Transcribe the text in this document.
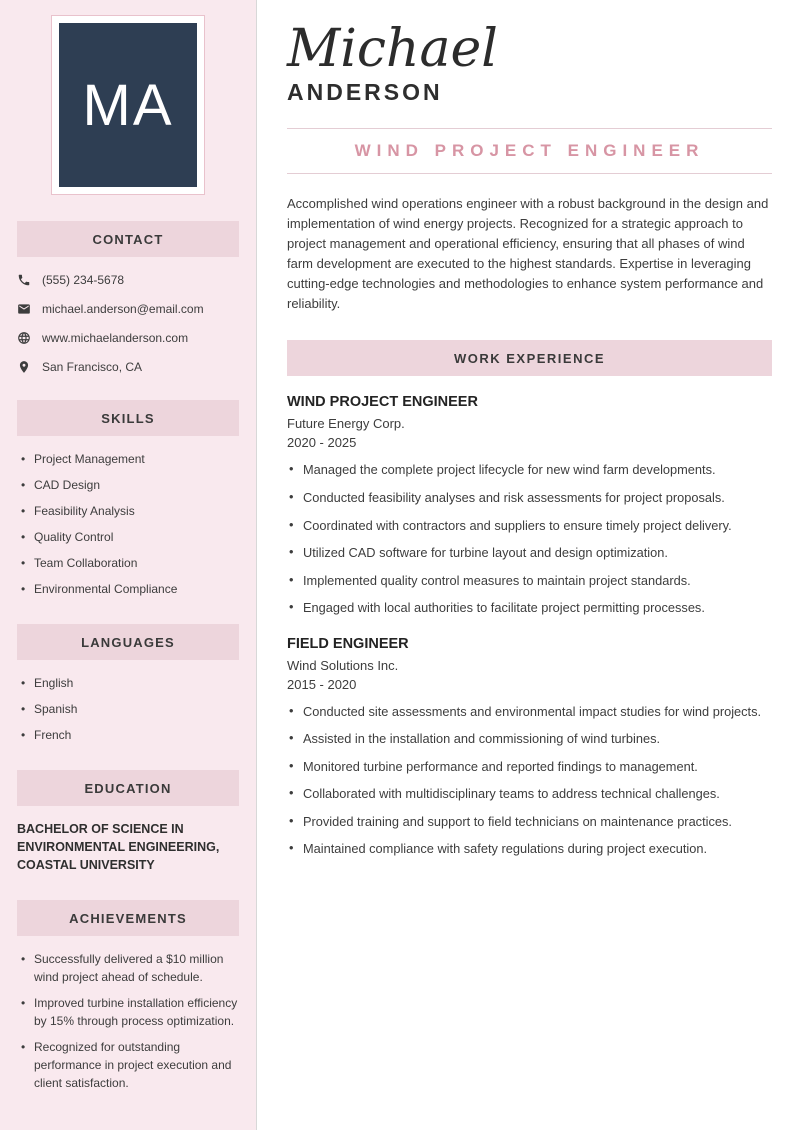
MA
CONTACT
(555) 234-5678
michael.anderson@email.com
www.michaelanderson.com
San Francisco, CA
SKILLS
• Project Management
• CAD Design
• Feasibility Analysis
• Quality Control
• Team Collaboration
• Environmental Compliance
LANGUAGES
• English
• Spanish
• French
EDUCATION
BACHELOR OF SCIENCE IN ENVIRONMENTAL ENGINEERING, COASTAL UNIVERSITY
ACHIEVEMENTS
• Successfully delivered a $10 million wind project ahead of schedule.
• Improved turbine installation efficiency by 15% through process optimization.
• Recognized for outstanding performance in project execution and client satisfaction.
Michael
ANDERSON
WIND PROJECT ENGINEER

Accomplished wind operations engineer with a robust background in the design and implementation of wind energy projects. Recognized for a strategic approach to project management and operational efficiency, ensuring that all phases of wind farm development are executed to the highest standards. Expertise in leveraging cutting-edge technologies and methodologies to enhance system performance and reliability.

WORK EXPERIENCE
WIND PROJECT ENGINEER
Future Energy Corp.
2020 - 2025
• Managed the complete project lifecycle for new wind farm developments.
• Conducted feasibility analyses and risk assessments for project proposals.
• Coordinated with contractors and suppliers to ensure timely project delivery.
• Utilized CAD software for turbine layout and design optimization.
• Implemented quality control measures to maintain project standards.
• Engaged with local authorities to facilitate project permitting processes.
FIELD ENGINEER
Wind Solutions Inc.
2015 - 2020
• Conducted site assessments and environmental impact studies for wind projects.
• Assisted in the installation and commissioning of wind turbines.
• Monitored turbine performance and reported findings to management.
• Collaborated with multidisciplinary teams to address technical challenges.
• Provided training and support to field technicians on maintenance practices.
• Maintained compliance with safety regulations during project execution.
